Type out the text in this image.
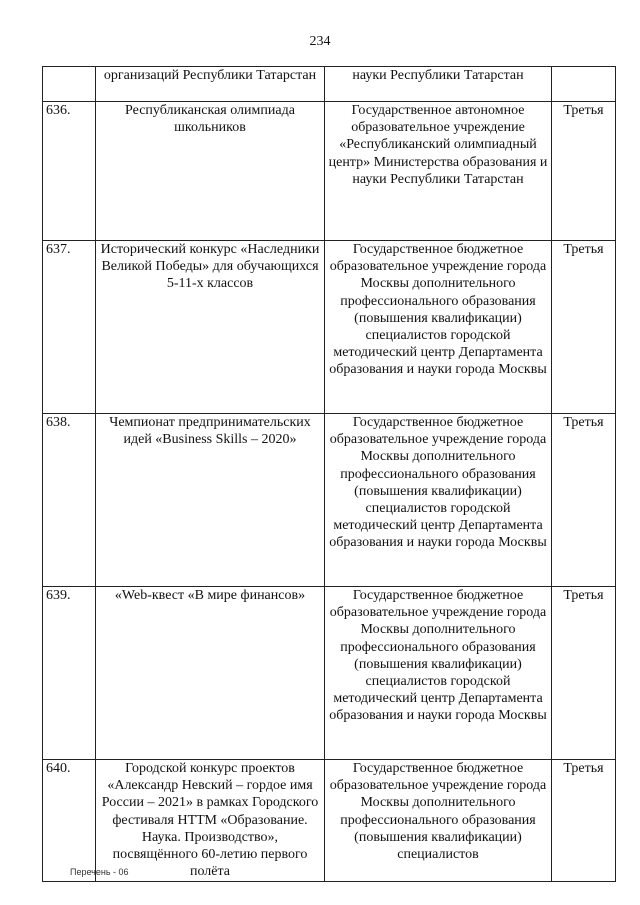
234
	организаций Республики Татарстан	науки Республики Татарстан	
636.	Республиканская олимпиада школьников	Государственное автономное образовательное учреждение «Республиканский олимпиадный центр» Министерства образования и науки Республики Татарстан	Третья
637.	Исторический конкурс «Наследники Великой Победы» для обучающихся 5-11-х классов	Государственное бюджетное образовательное учреждение города Москвы дополнительного профессионального образования (повышения квалификации) специалистов городской методический центр Департамента образования и науки города Москвы	Третья
638.	Чемпионат предпринимательских идей «Business Skills – 2020»	Государственное бюджетное образовательное учреждение города Москвы дополнительного профессионального образования (повышения квалификации) специалистов городской методический центр Департамента образования и науки города Москвы	Третья
639.	«Web-квест «В мире финансов»	Государственное бюджетное образовательное учреждение города Москвы дополнительного профессионального образования (повышения квалификации) специалистов городской методический центр Департамента образования и науки города Москвы	Третья
640.	Городской конкурс проектов «Александр Невский – гордое имя России – 2021» в рамках Городского фестиваля НТТМ «Образование. Наука. Производство», посвящённого 60-летию первого полёта	Государственное бюджетное образовательное учреждение города Москвы дополнительного профессионального образования (повышения квалификации) специалистов	Третья
Перечень - 06
